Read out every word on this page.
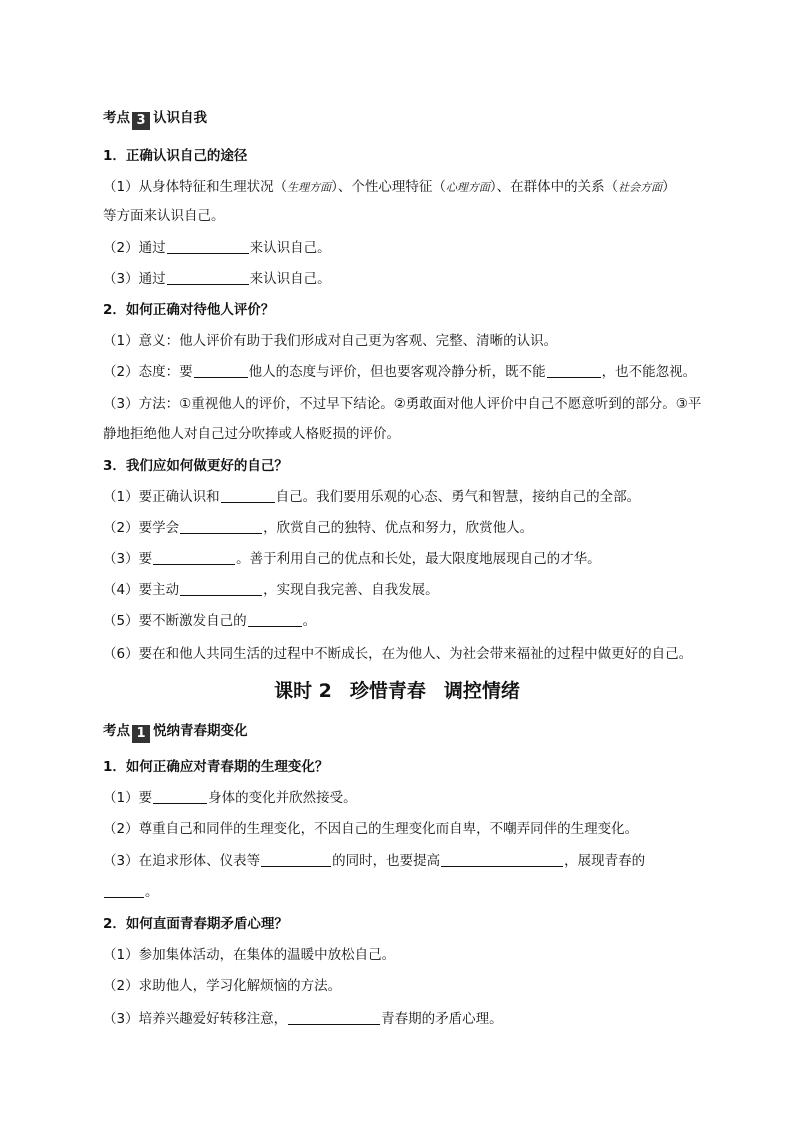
考点 3 认识自我
1．正确认识自己的途径
（1）从身体特征和生理状况（生理方面）、个性心理特征（心理方面）、在群体中的关系（社会方面）
等方面来认识自己。
（2）通过	来认识自己。
（3）通过	来认识自己。
2．如何正确对待他人评价？
（1）意义：他人评价有助于我们形成对自己更为客观、完整、清晰的认识。
（2）态度：要	他人的态度与评价，但也要客观冷静分析，既不能	，也不能忽视。
（3）方法：①重视他人的评价，不过早下结论。②勇敢面对他人评价中自己不愿意听到的部分。③平
静地拒绝他人对自己过分吹捧或人格贬损的评价。
3．我们应如何做更好的自己？
（1）要正确认识和	自己。我们要用乐观的心态、勇气和智慧，接纳自己的全部。
（2）要学会	，欣赏自己的独特、优点和努力，欣赏他人。
（3）要	。善于利用自己的优点和长处，最大限度地展现自己的才华。
（4）要主动	，实现自我完善、自我发展。
（5）要不断激发自己的	。
（6）要在和他人共同生活的过程中不断成长，在为他人、为社会带来福祉的过程中做更好的自己。
课时 2 珍惜青春 调控情绪
考点 1 悦纳青春期变化
1．如何正确应对青春期的生理变化？
（1）要	身体的变化并欣然接受。
（2）尊重自己和同伴的生理变化，不因自己的生理变化而自卑，不嘲弄同伴的生理变化。
（3）在追求形体、仪表等	的同时，也要提高	，展现青春的
。
2．如何直面青春期矛盾心理？
（1）参加集体活动，在集体的温暖中放松自己。
（2）求助他人，学习化解烦恼的方法。
（3）培养兴趣爱好转移注意，	青春期的矛盾心理。
